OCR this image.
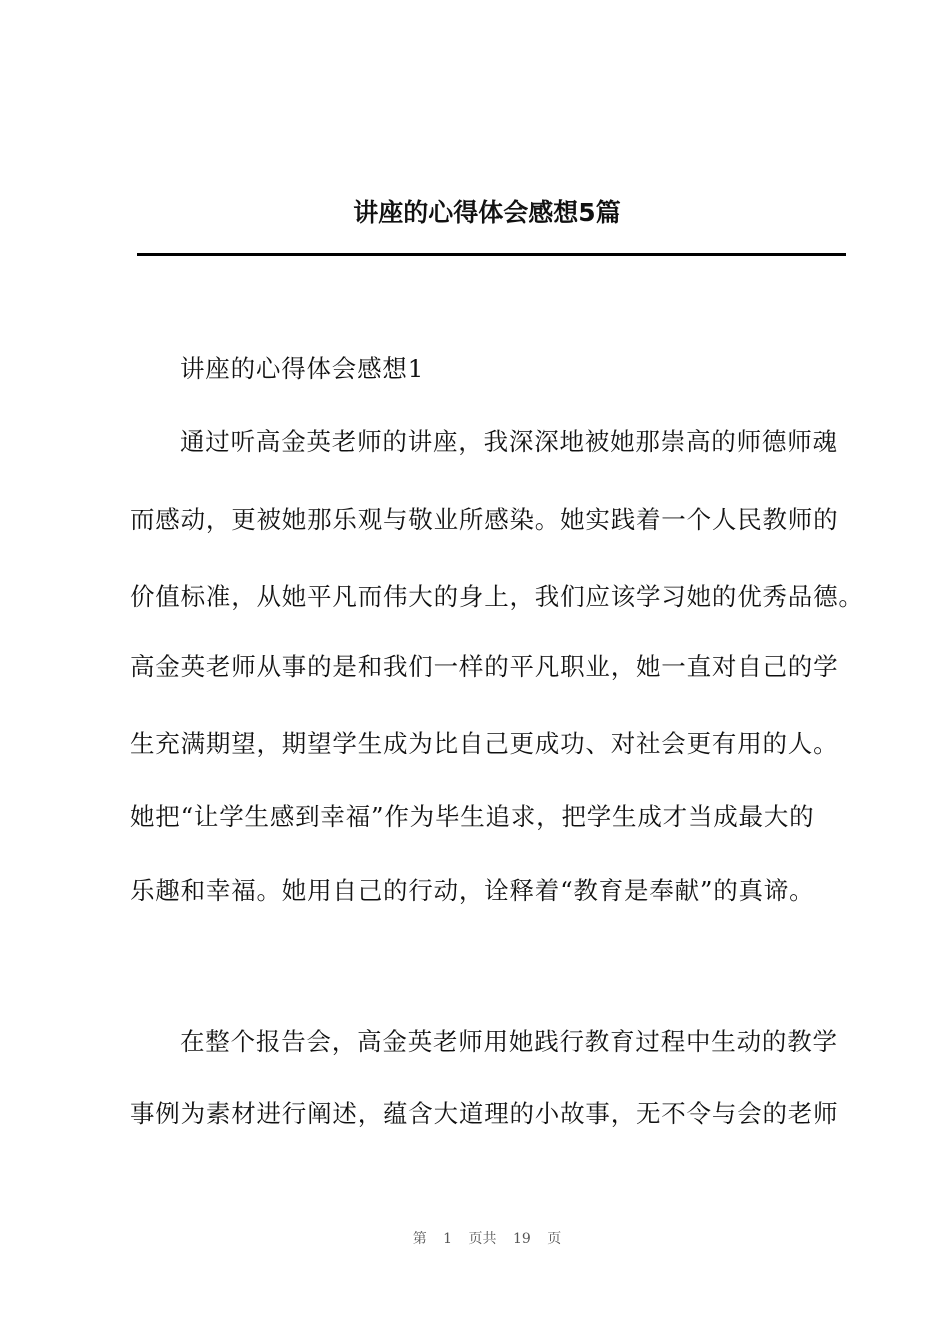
讲座的心得体会感想5篇
讲座的心得体会感想1
通过听高金英老师的讲座，我深深地被她那崇高的师德师魂
而感动，更被她那乐观与敬业所感染。她实践着一个人民教师的
价值标准，从她平凡而伟大的身上，我们应该学习她的优秀品德。
高金英老师从事的是和我们一样的平凡职业，她一直对自己的学
生充满期望，期望学生成为比自己更成功、对社会更有用的人。
她把“让学生感到幸福”作为毕生追求，把学生成才当成最大的
乐趣和幸福。她用自己的行动，诠释着“教育是奉献”的真谛。
在整个报告会，高金英老师用她践行教育过程中生动的教学
事例为素材进行阐述，蕴含大道理的小故事，无不令与会的老师
第 1 页共 19 页
